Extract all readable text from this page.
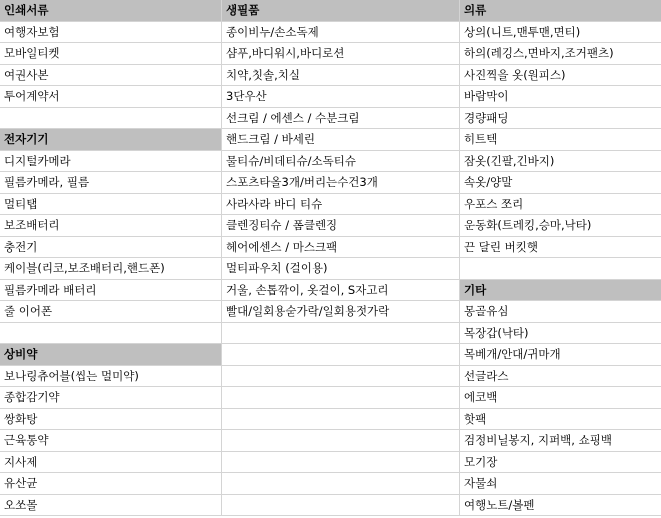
인쇄서류
여행자보험
모바일티켓
여권사본
투어계약서
전자기기
디지털카메라
필름카메라, 필름
멀티탭
보조배터리
충전기
케이블(리코,보조배터리,핸드폰)
필름카메라 배터리
줄 이어폰
상비약
보나링츄어블(씹는 멀미약)
종합감기약
쌍화탕
근육통약
지사제
유산균
오쏘몰
생필품
종이비누/손소독제
샴푸,바디워시,바디로션
치약,칫솔,치실
3단우산
선크림 / 에센스 / 수분크림
핸드크림 / 바세린
물티슈/비데티슈/소독티슈
스포츠타올3개/버리는수건3개
사라사라 바디 티슈
클렌징티슈 / 폼클렌징
헤어에센스 / 마스크팩
멀티파우치 (걸이용)
거울, 손톱깎이, 옷걸이, S자고리
빨대/일회용숟가락/일회용젓가락
의류
상의(니트,맨투맨,면티)
하의(레깅스,면바지,조거팬츠)
사진찍을 옷(원피스)
바람막이
경량패딩
히트텍
잠옷(긴팔,긴바지)
속옷/양말
우포스 쪼리
운동화(트레킹,승마,낙타)
끈 달린 버킷햇
기타
몽골유심
목장갑(낙타)
목베개/안대/귀마개
선글라스
에코백
핫팩
검정비닐봉지, 지퍼백, 쇼핑백
모기장
자물쇠
여행노트/볼펜
